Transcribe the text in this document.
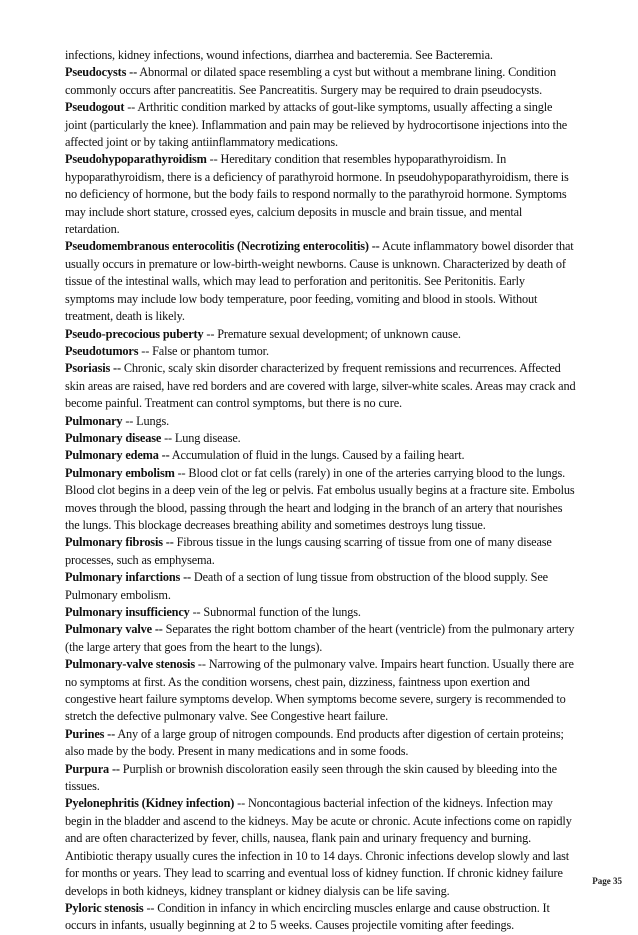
infections, kidney infections, wound infections, diarrhea and bacteremia. See Bacteremia.

Pseudocysts -- Abnormal or dilated space resembling a cyst but without a membrane lining. Condition commonly occurs after pancreatitis. See Pancreatitis. Surgery may be required to drain pseudocysts.

Pseudogout -- Arthritic condition marked by attacks of gout-like symptoms, usually affecting a single joint (particularly the knee). Inflammation and pain may be relieved by hydrocortisone injections into the affected joint or by taking antiinflammatory medications.

Pseudohypoparathyroidism -- Hereditary condition that resembles hypoparathyroidism. In hypoparathyroidism, there is a deficiency of parathyroid hormone. In pseudohypoparathyroidism, there is no deficiency of hormone, but the body fails to respond normally to the parathyroid hormone. Symptoms may include short stature, crossed eyes, calcium deposits in muscle and brain tissue, and mental retardation.

Pseudomembranous enterocolitis (Necrotizing enterocolitis) -- Acute inflammatory bowel disorder that usually occurs in premature or low-birth-weight newborns. Cause is unknown. Characterized by death of tissue of the intestinal walls, which may lead to perforation and peritonitis. See Peritonitis. Early symptoms may include low body temperature, poor feeding, vomiting and blood in stools. Without treatment, death is likely.

Pseudo-precocious puberty -- Premature sexual development; of unknown cause.

Pseudotumors -- False or phantom tumor.

Psoriasis -- Chronic, scaly skin disorder characterized by frequent remissions and recurrences. Affected skin areas are raised, have red borders and are covered with large, silver-white scales. Areas may crack and become painful. Treatment can control symptoms, but there is no cure.

Pulmonary -- Lungs.

Pulmonary disease -- Lung disease.

Pulmonary edema -- Accumulation of fluid in the lungs. Caused by a failing heart.

Pulmonary embolism -- Blood clot or fat cells (rarely) in one of the arteries carrying blood to the lungs. Blood clot begins in a deep vein of the leg or pelvis. Fat embolus usually begins at a fracture site. Embolus moves through the blood, passing through the heart and lodging in the branch of an artery that nourishes the lungs. This blockage decreases breathing ability and sometimes destroys lung tissue.

Pulmonary fibrosis -- Fibrous tissue in the lungs causing scarring of tissue from one of many disease processes, such as emphysema.

Pulmonary infarctions -- Death of a section of lung tissue from obstruction of the blood supply. See Pulmonary embolism.

Pulmonary insufficiency -- Subnormal function of the lungs.

Pulmonary valve -- Separates the right bottom chamber of the heart (ventricle) from the pulmonary artery (the large artery that goes from the heart to the lungs).

Pulmonary-valve stenosis -- Narrowing of the pulmonary valve. Impairs heart function. Usually there are no symptoms at first. As the condition worsens, chest pain, dizziness, faintness upon exertion and congestive heart failure symptoms develop. When symptoms become severe, surgery is recommended to stretch the defective pulmonary valve. See Congestive heart failure.

Purines -- Any of a large group of nitrogen compounds. End products after digestion of certain proteins; also made by the body. Present in many medications and in some foods.

Purpura -- Purplish or brownish discoloration easily seen through the skin caused by bleeding into the tissues.

Pyelonephritis (Kidney infection) -- Noncontagious bacterial infection of the kidneys. Infection may begin in the bladder and ascend to the kidneys. May be acute or chronic. Acute infections come on rapidly and are often characterized by fever, chills, nausea, flank pain and urinary frequency and burning. Antibiotic therapy usually cures the infection in 10 to 14 days. Chronic infections develop slowly and last for months or years. They lead to scarring and eventual loss of kidney function. If chronic kidney failure develops in both kidneys, kidney transplant or kidney dialysis can be life saving.

Pyloric stenosis -- Condition in infancy in which encircling muscles enlarge and cause obstruction. It occurs in infants, usually beginning at 2 to 5 weeks. Causes projectile vomiting after feedings.

Page 35
